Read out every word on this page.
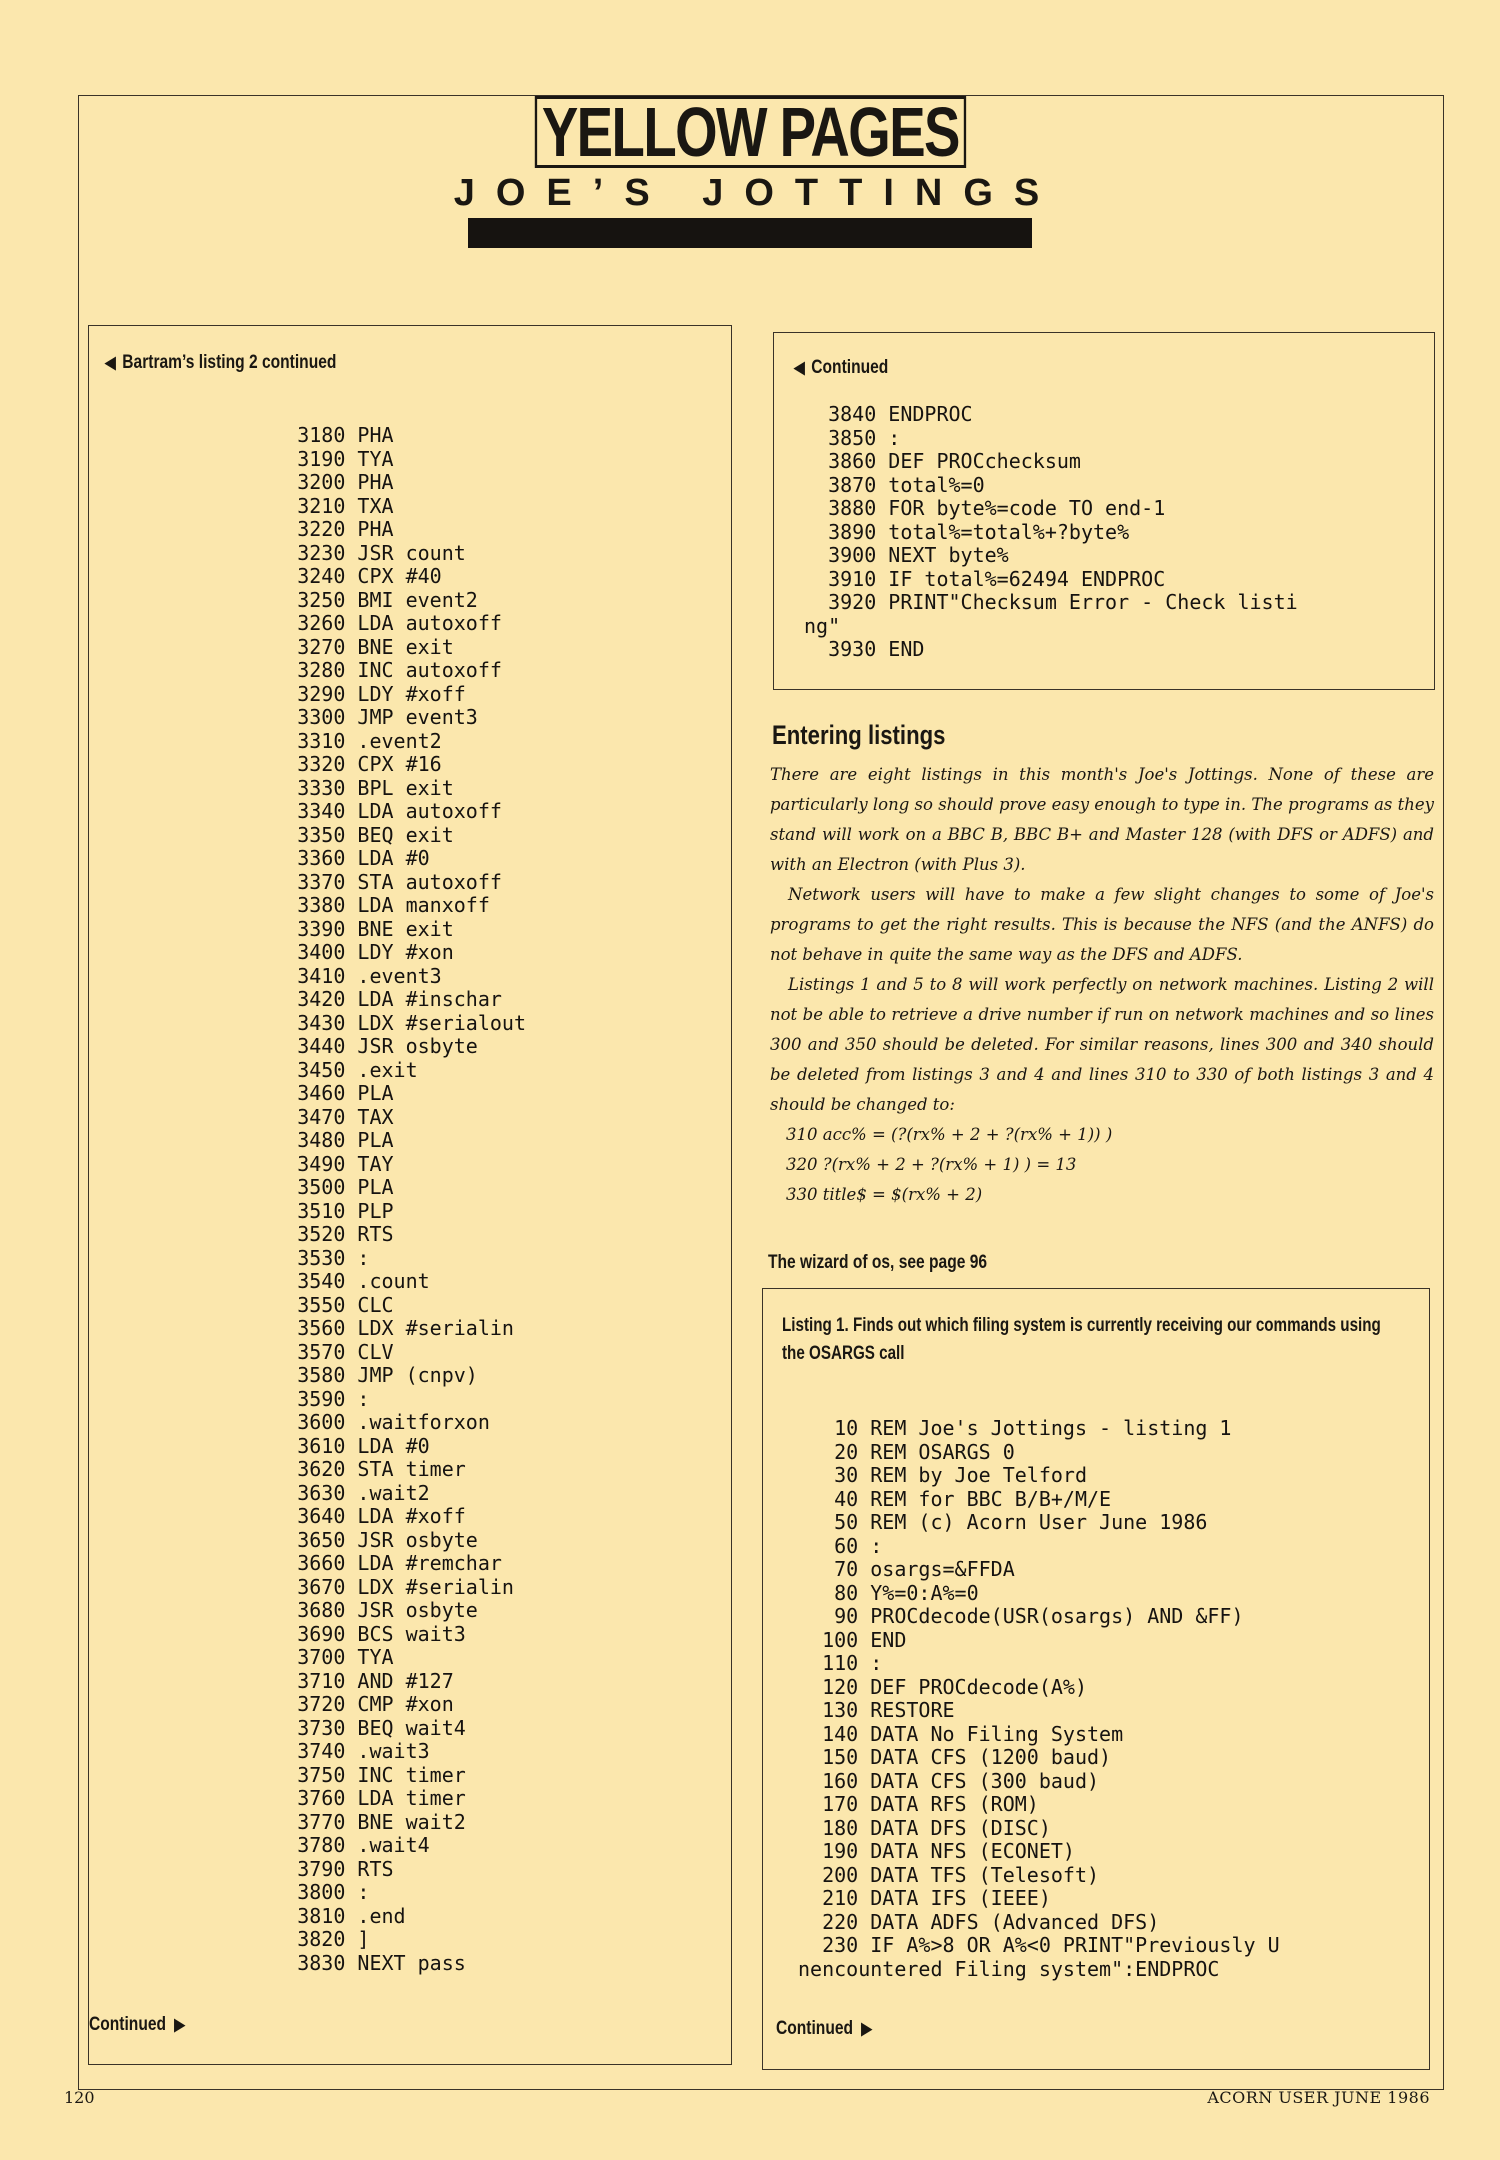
YELLOW PAGES
JOE’S JOTTINGS
◀ Bartram’s listing 2 continued
3180 PHA
3190 TYA
3200 PHA
3210 TXA
3220 PHA
3230 JSR count
3240 CPX #40
3250 BMI event2
3260 LDA autoxoff
3270 BNE exit
3280 INC autoxoff
3290 LDY #xoff
3300 JMP event3
3310 .event2
3320 CPX #16
3330 BPL exit
3340 LDA autoxoff
3350 BEQ exit
3360 LDA #0
3370 STA autoxoff
3380 LDA manxoff
3390 BNE exit
3400 LDY #xon
3410 .event3
3420 LDA #inschar
3430 LDX #serialout
3440 JSR osbyte
3450 .exit
3460 PLA
3470 TAX
3480 PLA
3490 TAY
3500 PLA
3510 PLP
3520 RTS
3530 :
3540 .count
3550 CLC
3560 LDX #serialin
3570 CLV
3580 JMP (cnpv)
3590 :
3600 .waitforxon
3610 LDA #0
3620 STA timer
3630 .wait2
3640 LDA #xoff
3650 JSR osbyte
3660 LDA #remchar
3670 LDX #serialin
3680 JSR osbyte
3690 BCS wait3
3700 TYA
3710 AND #127
3720 CMP #xon
3730 BEQ wait4
3740 .wait3
3750 INC timer
3760 LDA timer
3770 BNE wait2
3780 .wait4
3790 RTS
3800 :
3810 .end
3820 ]
3830 NEXT pass
Continued ▶
◀ Continued
3840 ENDPROC
3850 :
3860 DEF PROCchecksum
3870 total%=0
3880 FOR byte%=code TO end-1
3890 total%=total%+?byte%
3900 NEXT byte%
3910 IF total%=62494 ENDPROC
3920 PRINT"Checksum Error - Check listi
ng"
3930 END
Entering listings

There are eight listings in this month's Joe's Jottings. None of these are particularly long so should prove easy enough to type in. The programs as they stand will work on a BBC B, BBC B+ and Master 128 (with DFS or ADFS) and with an Electron (with Plus 3).

Network users will have to make a few slight changes to some of Joe's programs to get the right results. This is because the NFS (and the ANFS) do not behave in quite the same way as the DFS and ADFS.

Listings 1 and 5 to 8 will work perfectly on network machines. Listing 2 will not be able to retrieve a drive number if run on network machines and so lines 300 and 350 should be deleted. For similar reasons, lines 300 and 340 should be deleted from listings 3 and 4 and lines 310 to 330 of both listings 3 and 4 should be changed to:

310 acc% = (?(rx% + 2 + ?(rx% + 1)) )

320 ?(rx% + 2 + ?(rx% + 1) ) = 13

330 title$ = $(rx% + 2)

The wizard of os, see page 96
Listing 1. Finds out which filing system is currently receiving our commands using the OSARGS call
10 REM Joe's Jottings - listing 1
20 REM OSARGS 0
30 REM by Joe Telford
40 REM for BBC B/B+/M/E
50 REM (c) Acorn User June 1986
60 :
70 osargs=&FFDA
80 Y%=0:A%=0
90 PROCdecode(USR(osargs) AND &FF)
100 END
110 :
120 DEF PROCdecode(A%)
130 RESTORE
140 DATA No Filing System
150 DATA CFS (1200 baud)
160 DATA CFS (300 baud)
170 DATA RFS (ROM)
180 DATA DFS (DISC)
190 DATA NFS (ECONET)
200 DATA TFS (Telesoft)
210 DATA IFS (IEEE)
220 DATA ADFS (Advanced DFS)
230 IF A%>8 OR A%<0 PRINT"Previously U
nencountered Filing system":ENDPROC
Continued ▶
120	ACORN USER JUNE 1986
